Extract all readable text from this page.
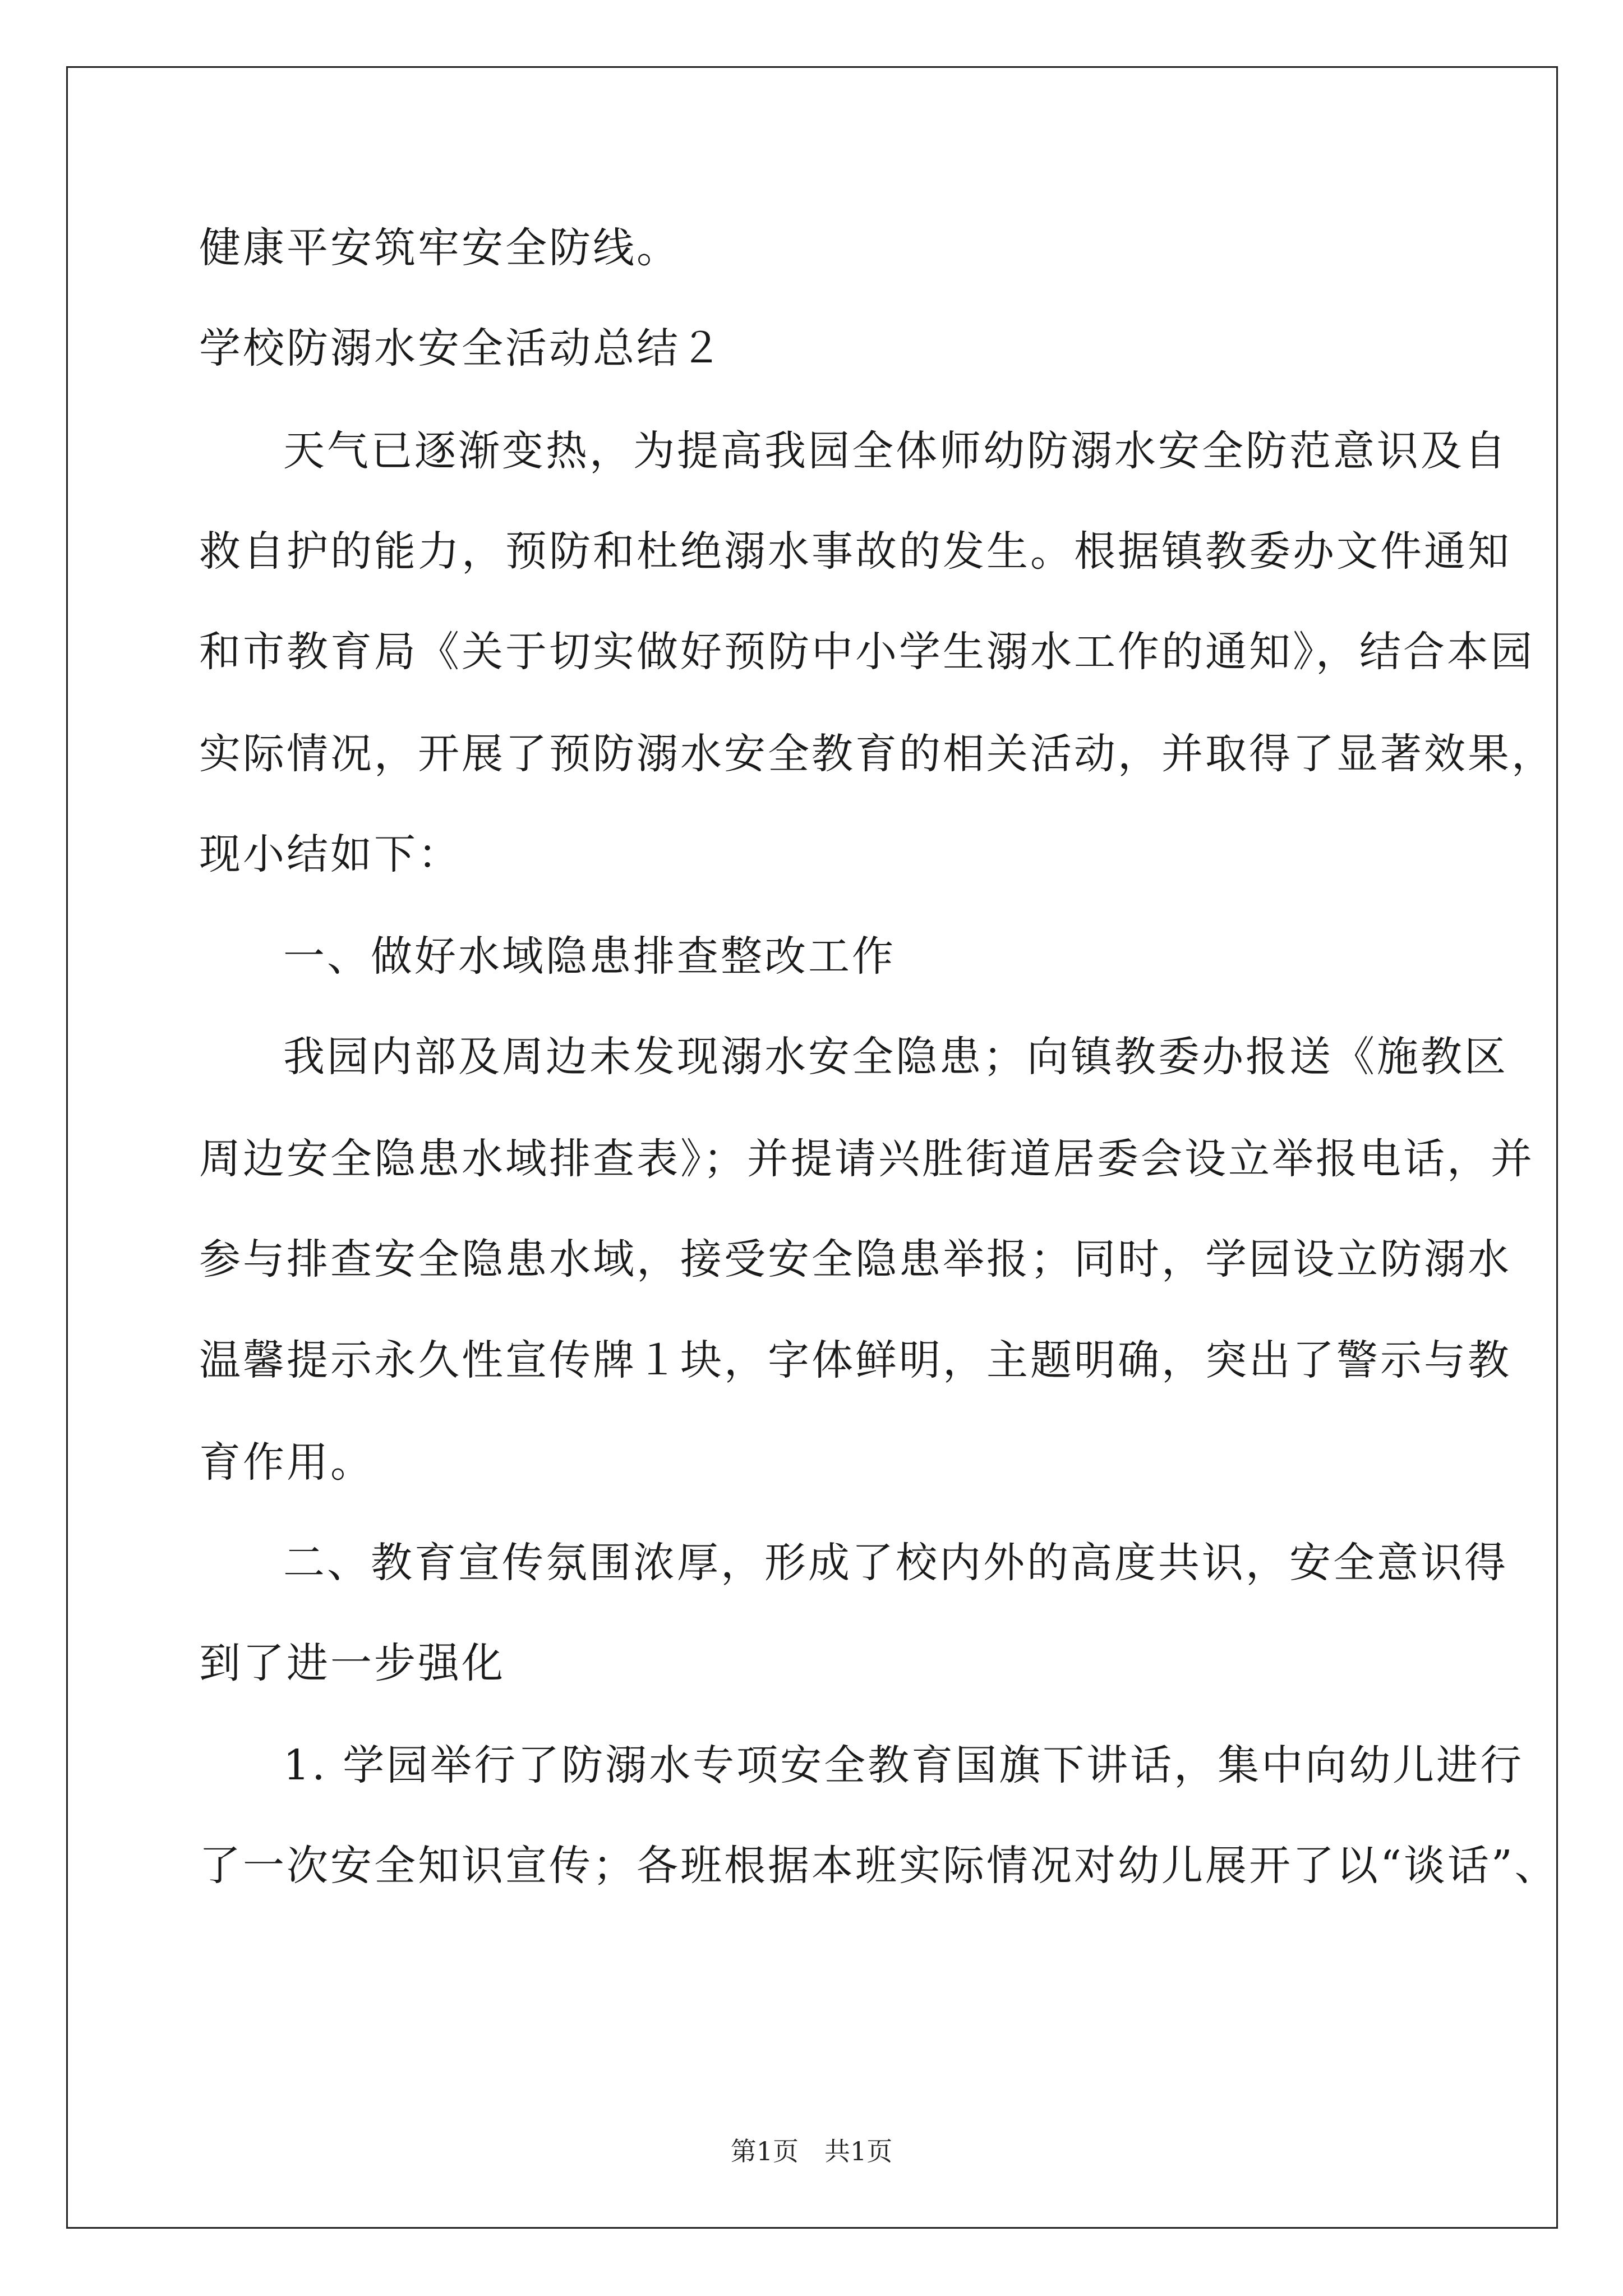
健康平安筑牢安全防线。
学校防溺水安全活动总结２
天气已逐渐变热，为提高我园全体师幼防溺水安全防范意识及自
救自护的能力，预防和杜绝溺水事故的发生。根据镇教委办文件通知
和市教育局《关于切实做好预防中小学生溺水工作的通知》，结合本园
实际情况，开展了预防溺水安全教育的相关活动，并取得了显著效果，
现小结如下：
一、做好水域隐患排查整改工作
我园内部及周边未发现溺水安全隐患；向镇教委办报送《施教区
周边安全隐患水域排查表》；并提请兴胜街道居委会设立举报电话，并
参与排查安全隐患水域，接受安全隐患举报；同时，学园设立防溺水
温馨提示永久性宣传牌１块，字体鲜明，主题明确，突出了警示与教
育作用。
二、教育宣传氛围浓厚，形成了校内外的高度共识，安全意识得
到了进一步强化
1. 学园举行了防溺水专项安全教育国旗下讲话，集中向幼儿进行
了一次安全知识宣传；各班根据本班实际情况对幼儿展开了以“谈话”、
第1页　共1页
